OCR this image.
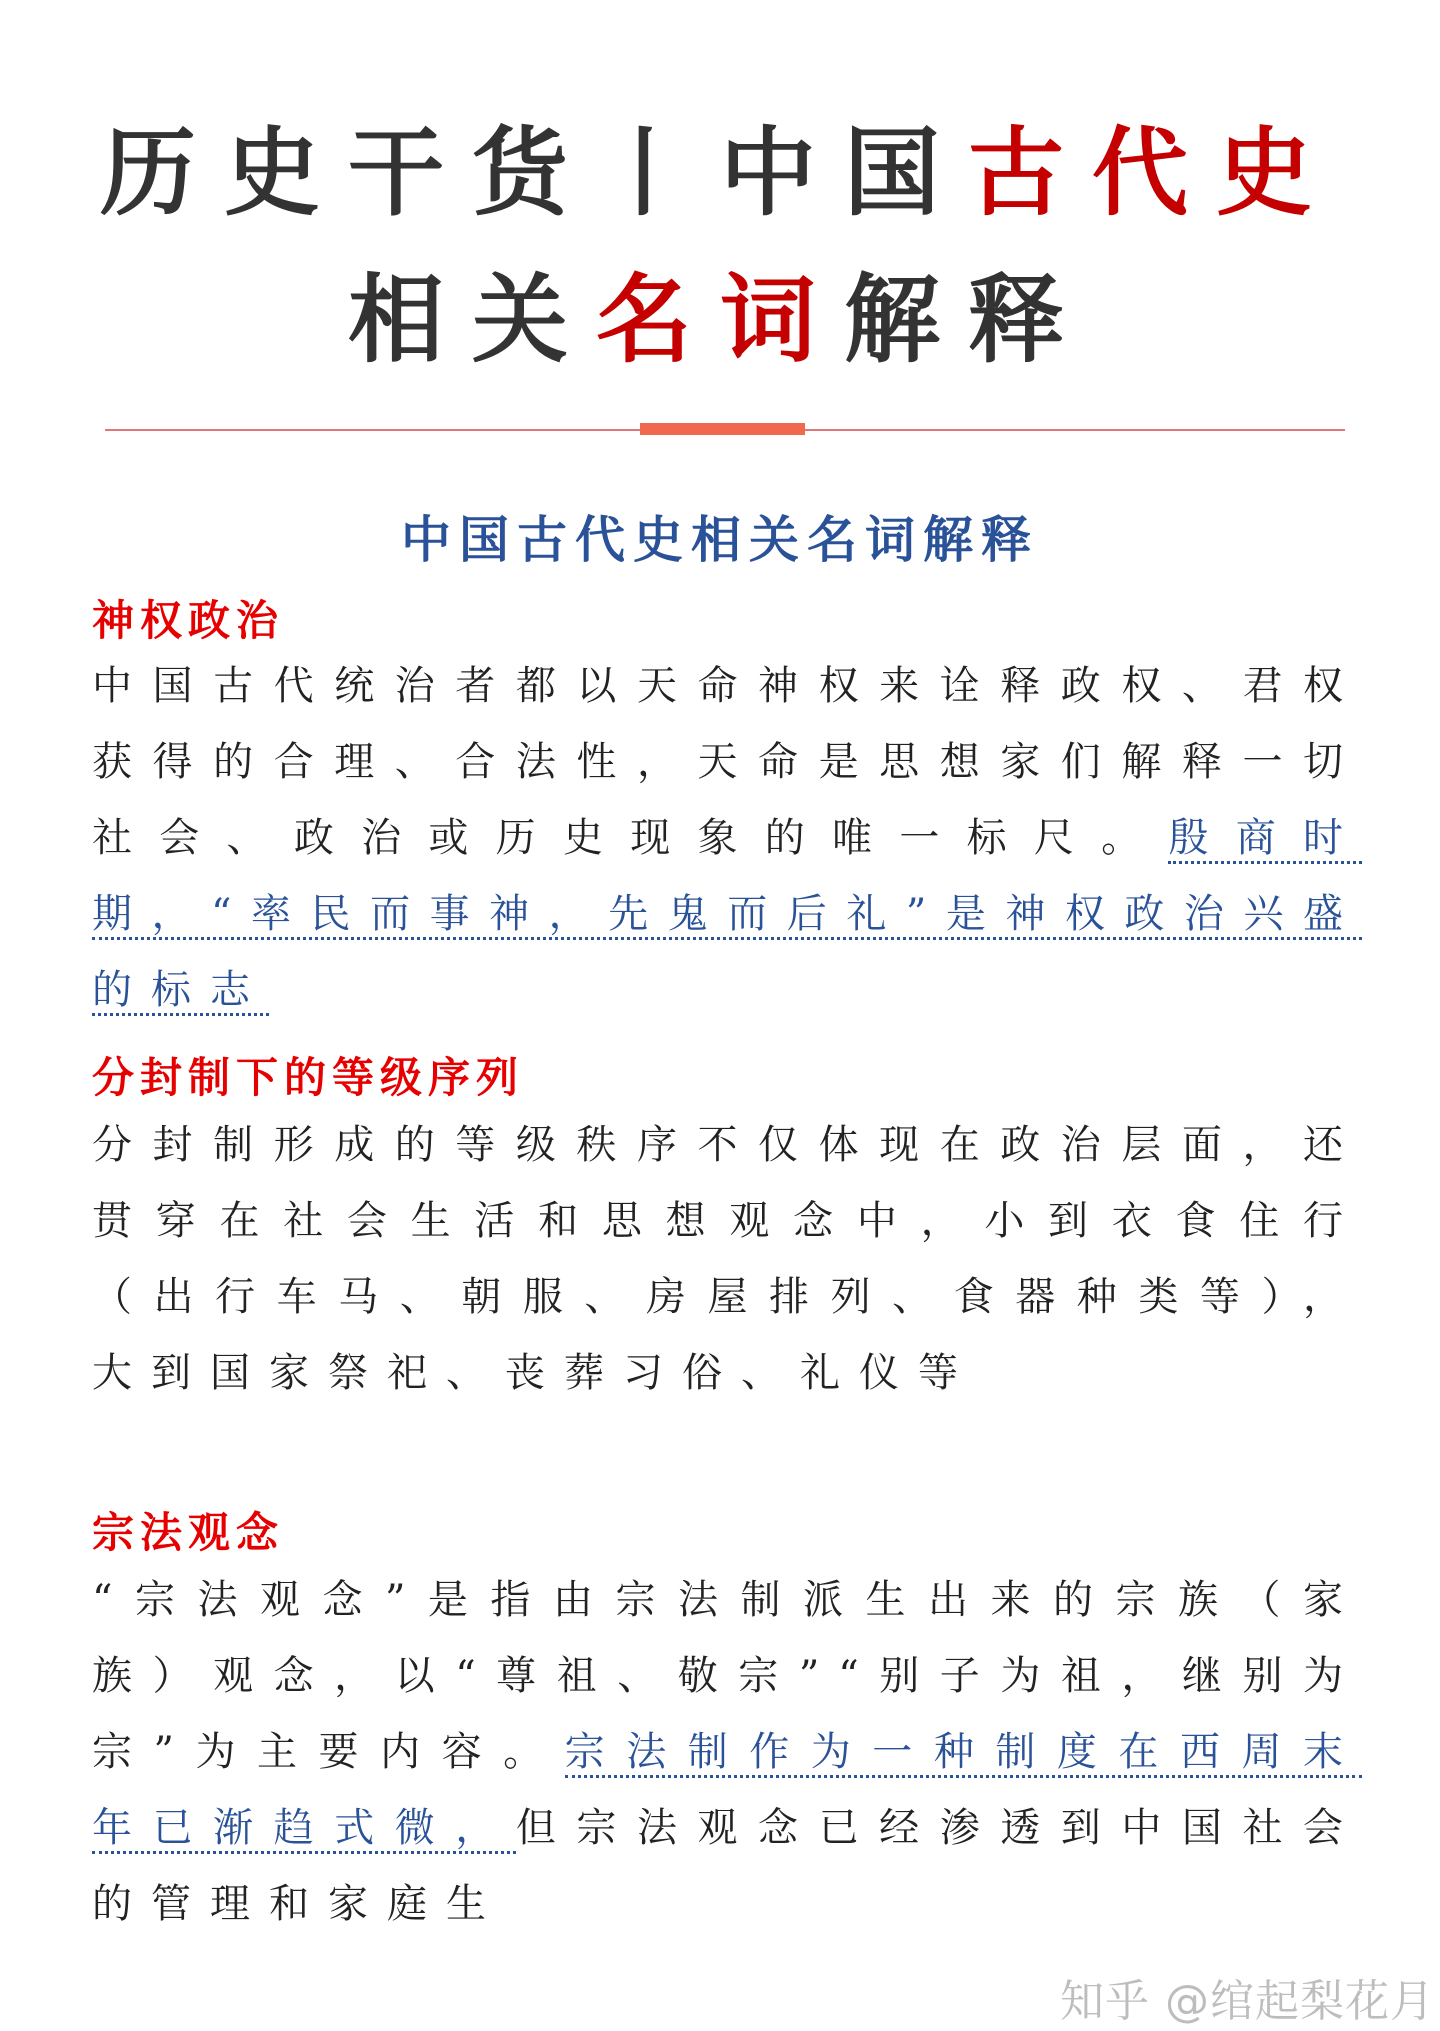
历史干货丨中国古代史
相关名词解释
中国古代史相关名词解释
神权政治
中国古代统治者都以天命神权来诠释政权、君权获得的合理、合法性，天命是思想家们解释一切社会、政治或历史现象的唯一标尺。殷商时期，“率民而事神，先鬼而后礼”是神权政治兴盛的标志
分封制下的等级序列
分封制形成的等级秩序不仅体现在政治层面，还贯穿在社会生活和思想观念中，小到衣食住行（出行车马、朝服、房屋排列、食器种类等），大到国家祭祀、丧葬习俗、礼仪等
宗法观念
“宗法观念”是指由宗法制派生出来的宗族（家族）观念，以“尊祖、敬宗”“别子为祖，继别为宗”为主要内容。宗法制作为一种制度在西周末年已渐趋式微，但宗法观念已经渗透到中国社会的管理和家庭生
知乎 @绾起梨花月
